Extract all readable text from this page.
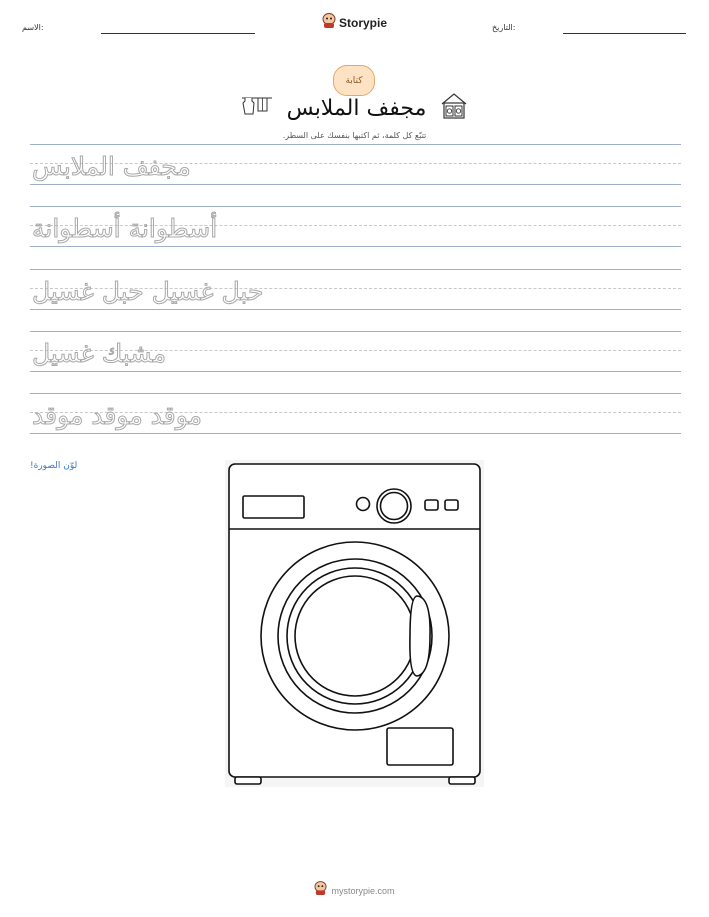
الاسم:	التاريخ:
Storypie
كتابة
مجفف الملابس
تتبّع كل كلمة، ثم اكتبها بنفسك على السطر.
مجفف الملابس
أسطوانة أسطوانة
حبل غسيل حبل غسيل
مشبك غسيل
موقد موقد موقد
لوّن الصورة!
mystorypie.com
